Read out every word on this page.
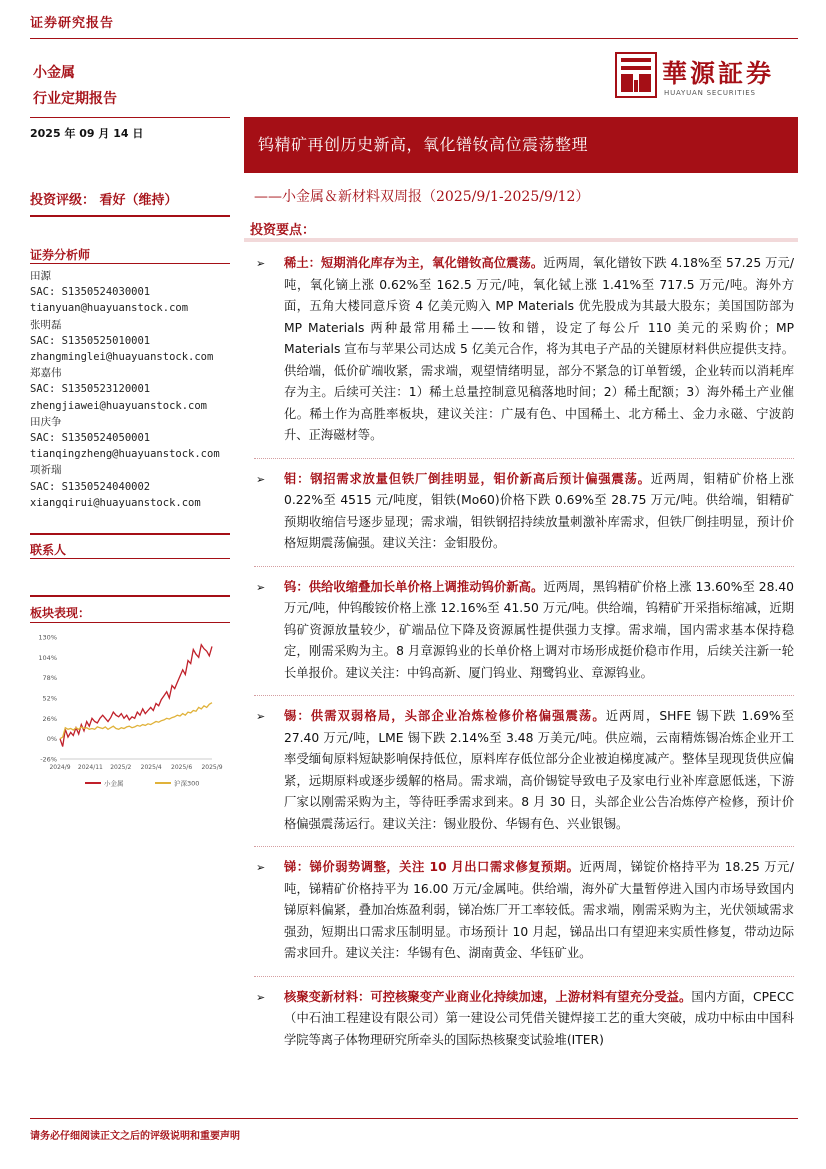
证券研究报告
小金属
行业定期报告
2025 年 09 月 14 日
華源証券
HUAYUAN SECURITIES
钨精矿再创历史新高，氧化镨钕高位震荡整理
——小金属＆新材料双周报（2025/9/1-2025/9/12）
投资评级： 看好（维持）
证券分析师
田源
SAC: S1350524030001
tianyuan@huayuanstock.com
张明磊
SAC: S1350525010001
zhangminglei@huayuanstock.com
郑嘉伟
SAC: S1350523120001
zhengjiawei@huayuanstock.com
田庆争
SAC: S1350524050001
tianqingzheng@huayuanstock.com
项祈瑞
SAC: S1350524040002
xiangqirui@huayuanstock.com
联系人
板块表现：
130%
104%
78%
52%
26%
0%
-26%
2024/9 2024/11 2025/2 2025/4 2025/6 2025/9
小金属	沪深300
投资要点：
➢ 稀土：短期消化库存为主，氧化镨钕高位震荡。近两周，氧化镨钕下跌 4.18%至 57.25 万元/吨，氧化镝上涨 0.62%至 162.5 万元/吨，氧化铽上涨 1.41%至 717.5 万元/吨。海外方面，五角大楼同意斥资 4 亿美元购入 MP Materials 优先股成为其最大股东；美国国防部为 MP Materials 两种最常用稀土——钕和镨，设定了每公斤 110 美元的采购价；MP Materials 宣布与苹果公司达成 5 亿美元合作，将为其电子产品的关键原材料供应提供支持。供给端，低价矿端收紧，需求端，观望情绪明显，部分不紧急的订单暂缓，企业转而以消耗库存为主。后续可关注：1）稀土总量控制意见稿落地时间；2）稀土配额；3）海外稀土产业催化。稀土作为高胜率板块，建议关注：广晟有色、中国稀土、北方稀土、金力永磁、宁波韵升、正海磁材等。
➢ 钼：钢招需求放量但铁厂倒挂明显，钼价新高后预计偏强震荡。近两周，钼精矿价格上涨 0.22%至 4515 元/吨度，钼铁(Mo60)价格下跌 0.69%至 28.75 万元/吨。供给端，钼精矿预期收缩信号逐步显现；需求端，钼铁钢招持续放量刺激补库需求，但铁厂倒挂明显，预计价格短期震荡偏强。建议关注：金钼股份。
➢ 钨：供给收缩叠加长单价格上调推动钨价新高。近两周，黑钨精矿价格上涨 13.60%至 28.40 万元/吨，仲钨酸铵价格上涨 12.16%至 41.50 万元/吨。供给端，钨精矿开采指标缩减，近期钨矿资源放量较少，矿端品位下降及资源属性提供强力支撑。需求端，国内需求基本保持稳定，刚需采购为主。8 月章源钨业的长单价格上调对市场形成挺价稳市作用，后续关注新一轮长单报价。建议关注：中钨高新、厦门钨业、翔鹭钨业、章源钨业。
➢ 锡：供需双弱格局，头部企业冶炼检修价格偏强震荡。近两周，SHFE 锡下跌 1.69%至 27.40 万元/吨，LME 锡下跌 2.14%至 3.48 万美元/吨。供应端，云南精炼锡冶炼企业开工率受缅甸原料短缺影响保持低位，原料库存低位部分企业被迫梯度减产。整体呈现现货供应偏紧，远期原料或逐步缓解的格局。需求端，高价锡锭导致电子及家电行业补库意愿低迷，下游厂家以刚需采购为主，等待旺季需求到来。8 月 30 日，头部企业公告冶炼停产检修，预计价格偏强震荡运行。建议关注：锡业股份、华锡有色、兴业银锡。
➢ 锑：锑价弱势调整，关注 10 月出口需求修复预期。近两周，锑锭价格持平为 18.25 万元/吨，锑精矿价格持平为 16.00 万元/金属吨。供给端，海外矿大量暂停进入国内市场导致国内锑原料偏紧，叠加冶炼盈利弱，锑冶炼厂开工率较低。需求端，刚需采购为主，光伏领域需求强劲，短期出口需求压制明显。市场预计 10 月起，锑品出口有望迎来实质性修复，带动边际需求回升。建议关注：华锡有色、湖南黄金、华钰矿业。
➢ 核聚变新材料：可控核聚变产业商业化持续加速，上游材料有望充分受益。国内方面，CPECC（中石油工程建设有限公司）第一建设公司凭借关键焊接工艺的重大突破，成功中标由中国科学院等离子体物理研究所牵头的国际热核聚变试验堆(ITER)
请务必仔细阅读正文之后的评级说明和重要声明
